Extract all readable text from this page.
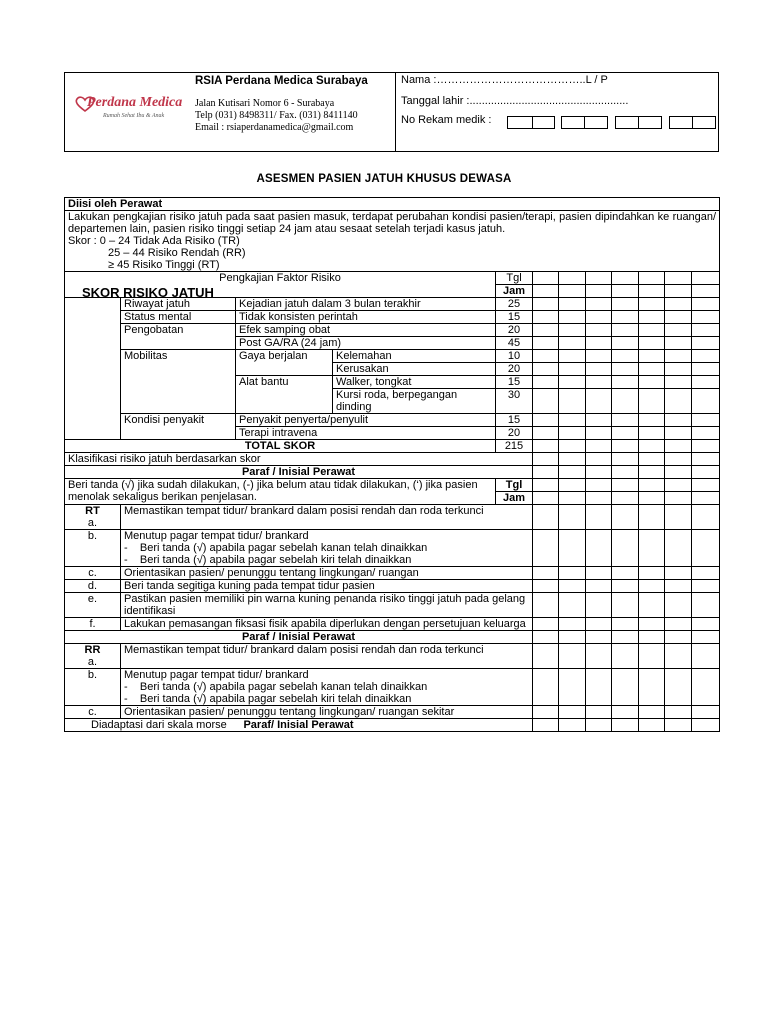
Perdana Medica
Rumah Sehat Ibu & Anak
RSIA Perdana Medica Surabaya
Jalan Kutisari Nomor 6 - Surabaya
Telp (031) 8498311/ Fax. (031) 8411140
Email : rsiaperdanamedica@gmail.com
Nama :…………………………………..L / P
Tanggal lahir :....................................................
No Rekam medik :
ASESMEN PASIEN JATUH KHUSUS DEWASA
Diisi oleh Perawat											

Lakukan pengkajian risiko jatuh pada saat pasien masuk, terdapat perubahan kondisi pasien/terapi, pasien dipindahkan ke ruangan/ departemen lain, pasien risiko tinggi setiap 24 jam atau sesaat setelah terjadi kasus jatuh.
Skor : 0 – 24 Tidak Ada Risiko (TR)
25 – 44 Risiko Rendah (RR)
≥ 45 Risiko Tinggi (RT)											

Pengkajian Faktor Risiko				Tgl							
				Jam							
	Riwayat jatuh	Kejadian jatuh dalam 3 bulan terakhir		25							
	Status mental	Tidak konsisten perintah		15							
	Pengobatan	Efek samping obat		20							
		Post GA/RA (24 jam)		45							
	Mobilitas	Gaya berjalan	Kelemahan	10							
			Kerusakan	20							
		Alat bantu	Walker, tongkat	15							
			Kursi roda, berpegangan dinding	30							
	Kondisi penyakit	Penyakit penyerta/penyulit		15							
		Terapi intravena		20							
TOTAL SKOR				215							
Klasifikasi risiko jatuh berdasarkan skor											
Paraf / Inisial Perawat											
Beri tanda (√) jika sudah dilakukan, (-) jika belum atau tidak dilakukan, (‘) jika pasien menolak sekaligus berikan penjelasan.				Tgl							
				Jam							

RT
a.	Memastikan tempat tidur/ brankard dalam posisi rendah dan roda terkunci										
b.	Menutup pagar tempat tidur/ brankard
-    Beri tanda (√) apabila pagar sebelah kanan telah dinaikkan
-    Beri tanda (√) apabila pagar sebelah kiri telah dinaikkan										

c.	Orientasikan pasien/ penunggu tentang lingkungan/ ruangan										
d.	Beri tanda segitiga kuning pada tempat tidur pasien										
e.	Pastikan pasien memiliki pin warna kuning penanda risiko tinggi jatuh pada gelang identifikasi										
f.	Lakukan pemasangan fiksasi fisik apabila diperlukan dengan persetujuan keluarga										
Paraf / Inisial Perawat											

RR
a.	Memastikan tempat tidur/ brankard dalam posisi rendah dan roda terkunci										
b.	Menutup pagar tempat tidur/ brankard
-    Beri tanda (√) apabila pagar sebelah kanan telah dinaikkan
-    Beri tanda (√) apabila pagar sebelah kiri telah dinaikkan										

c.	Orientasikan pasien/ penunggu tentang lingkungan/ ruangan sekitar										
Paraf/ Inisial Perawat											
SKOR RISIKO JATUH
Diadaptasi dari skala morse
